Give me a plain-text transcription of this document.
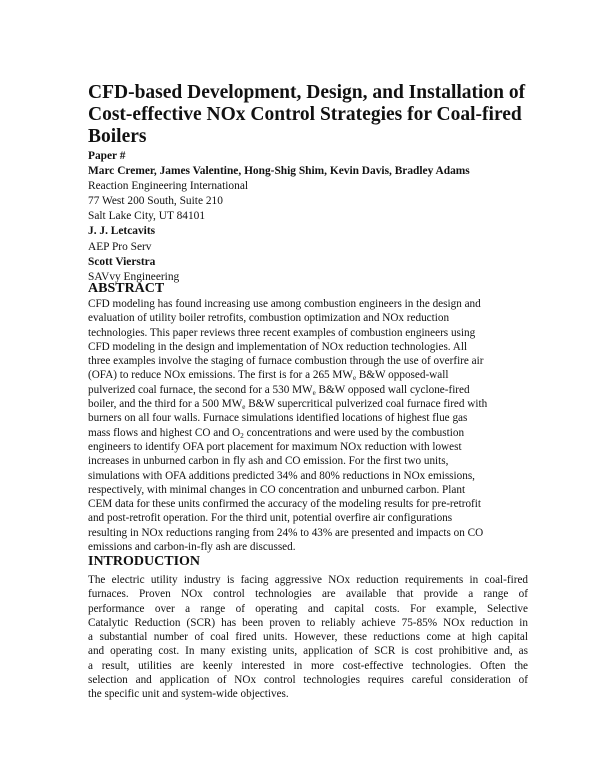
CFD-based Development, Design, and Installation of
Cost-effective NOx Control Strategies for Coal-fired
Boilers
Paper #
Marc Cremer, James Valentine, Hong-Shig Shim, Kevin Davis, Bradley Adams
Reaction Engineering International
77 West 200 South, Suite 210
Salt Lake City, UT 84101
J. J. Letcavits
AEP Pro Serv
Scott Vierstra
SAVvy Engineering
ABSTRACT
CFD modeling has found increasing use among combustion engineers in the design and
evaluation of utility boiler retrofits, combustion optimization and NOx reduction
technologies. This paper reviews three recent examples of combustion engineers using
CFD modeling in the design and implementation of NOx reduction technologies. All
three examples involve the staging of furnace combustion through the use of overfire air
(OFA) to reduce NOx emissions. The first is for a 265 $MW_e$ B&W opposed-wall
pulverized coal furnace, the second for a 530 $MW_e$ B&W opposed wall cyclone-fired
boiler, and the third for a 500 $MW_e$ B&W supercritical pulverized coal furnace fired with
burners on all four walls. Furnace simulations identified locations of highest flue gas
mass flows and highest CO and $O_2$ concentrations and were used by the combustion
engineers to identify OFA port placement for maximum NOx reduction with lowest
increases in unburned carbon in fly ash and CO emission. For the first two units,
simulations with OFA additions predicted 34% and 80% reductions in NOx emissions,
respectively, with minimal changes in CO concentration and unburned carbon. Plant
CEM data for these units confirmed the accuracy of the modeling results for pre-retrofit
and post-retrofit operation. For the third unit, potential overfire air configurations
resulting in NOx reductions ranging from 24% to 43% are presented and impacts on CO
emissions and carbon-in-fly ash are discussed.
INTRODUCTION
The electric utility industry is facing aggressive NOx reduction requirements in coal-fired
furnaces. Proven NOx control technologies are available that provide a range of
performance over a range of operating and capital costs. For example, Selective
Catalytic Reduction (SCR) has been proven to reliably achieve 75-85% NOx reduction in
a substantial number of coal fired units. However, these reductions come at high capital
and operating cost. In many existing units, application of SCR is cost prohibitive and, as
a result, utilities are keenly interested in more cost-effective technologies. Often the
selection and application of NOx control technologies requires careful consideration of
the specific unit and system-wide objectives.
